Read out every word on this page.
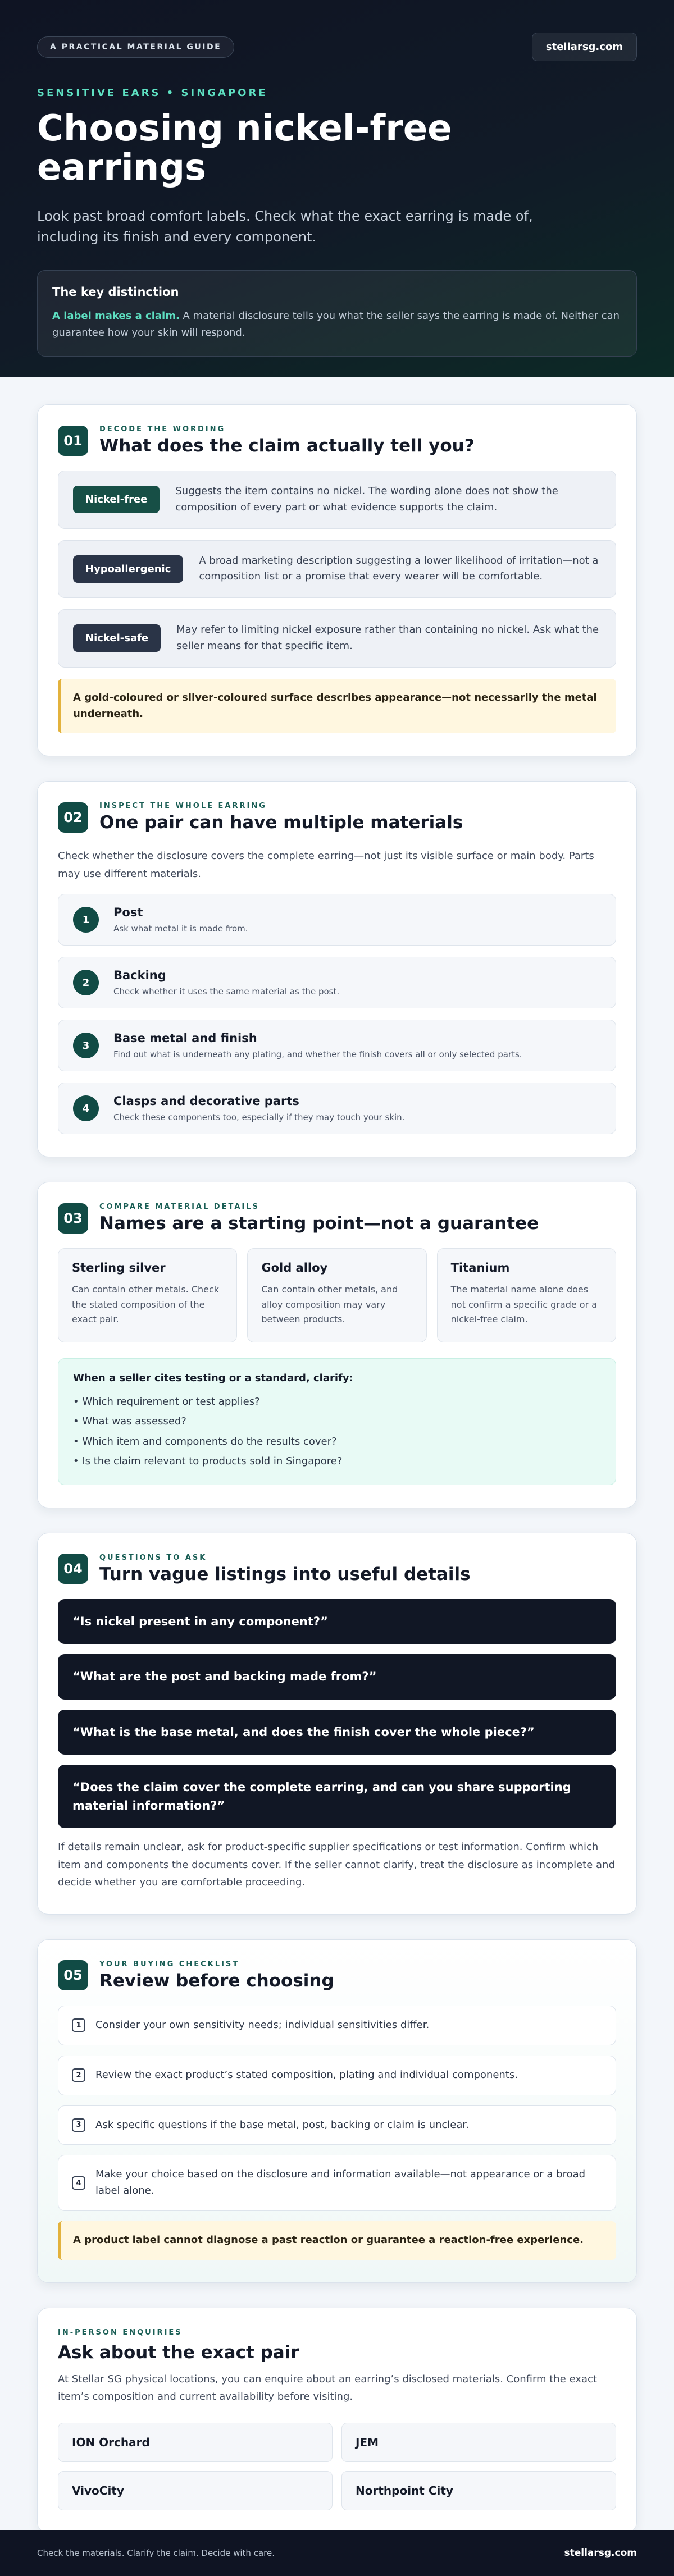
A PRACTICAL MATERIAL GUIDE	stellarsg.com
SENSITIVE EARS • SINGAPORE
Choosing nickel-free earrings

Look past broad comfort labels. Check what the exact earring is made of, including its finish and every component.

The key distinction

A label makes a claim. A material disclosure tells you what the seller says the earring is made of. Neither can guarantee how your skin will respond.

01
DECODE THE WORDING
What does the claim actually tell you?
Nickel-free

Suggests the item contains no nickel. The wording alone does not show the composition of every part or what evidence supports the claim.

Hypoallergenic

A broad marketing description suggesting a lower likelihood of irritation—not a composition list or a promise that every wearer will be comfortable.

Nickel-safe

May refer to limiting nickel exposure rather than containing no nickel. Ask what the seller means for that specific item.

A gold-coloured or silver-coloured surface describes appearance—not necessarily the metal underneath.
02
INSPECT THE WHOLE EARRING
One pair can have multiple materials

Check whether the disclosure covers the complete earring—not just its visible surface or main body. Parts may use different materials.

1
Post

Ask what metal it is made from.

2
Backing

Check whether it uses the same material as the post.

3
Base metal and finish

Find out what is underneath any plating, and whether the finish covers all or only selected parts.

4
Clasps and decorative parts

Check these components too, especially if they may touch your skin.

03
COMPARE MATERIAL DETAILS
Names are a starting point—not a guarantee
Sterling silver

Can contain other metals. Check the stated composition of the exact pair.

Gold alloy

Can contain other metals, and alloy composition may vary between products.

Titanium

The material name alone does not confirm a specific grade or a nickel-free claim.

When a seller cites testing or a standard, clarify:
• Which requirement or test applies?
• What was assessed?
• Which item and components do the results cover?
• Is the claim relevant to products sold in Singapore?
04
QUESTIONS TO ASK
Turn vague listings into useful details
“Is nickel present in any component?”
“What are the post and backing made from?”
“What is the base metal, and does the finish cover the whole piece?”
“Does the claim cover the complete earring, and can you share supporting material information?”

If details remain unclear, ask for product-specific supplier specifications or test information. Confirm which item and components the documents cover. If the seller cannot clarify, treat the disclosure as incomplete and decide whether you are comfortable proceeding.

05
YOUR BUYING CHECKLIST
Review before choosing
1	Consider your own sensitivity needs; individual sensitivities differ.

2	Review the exact product’s stated composition, plating and individual components.

3	Ask specific questions if the base metal, post, backing or claim is unclear.

4

Make your choice based on the disclosure and information available—not appearance or a broad label alone.

A product label cannot diagnose a past reaction or guarantee a reaction-free experience.
IN-PERSON ENQUIRIES
Ask about the exact pair

At Stellar SG physical locations, you can enquire about an earring’s disclosed materials. Confirm the exact item’s composition and current availability before visiting.

ION Orchard	JEM
VivoCity	Northpoint City
Check the materials. Clarify the claim. Decide with care.	stellarsg.com
